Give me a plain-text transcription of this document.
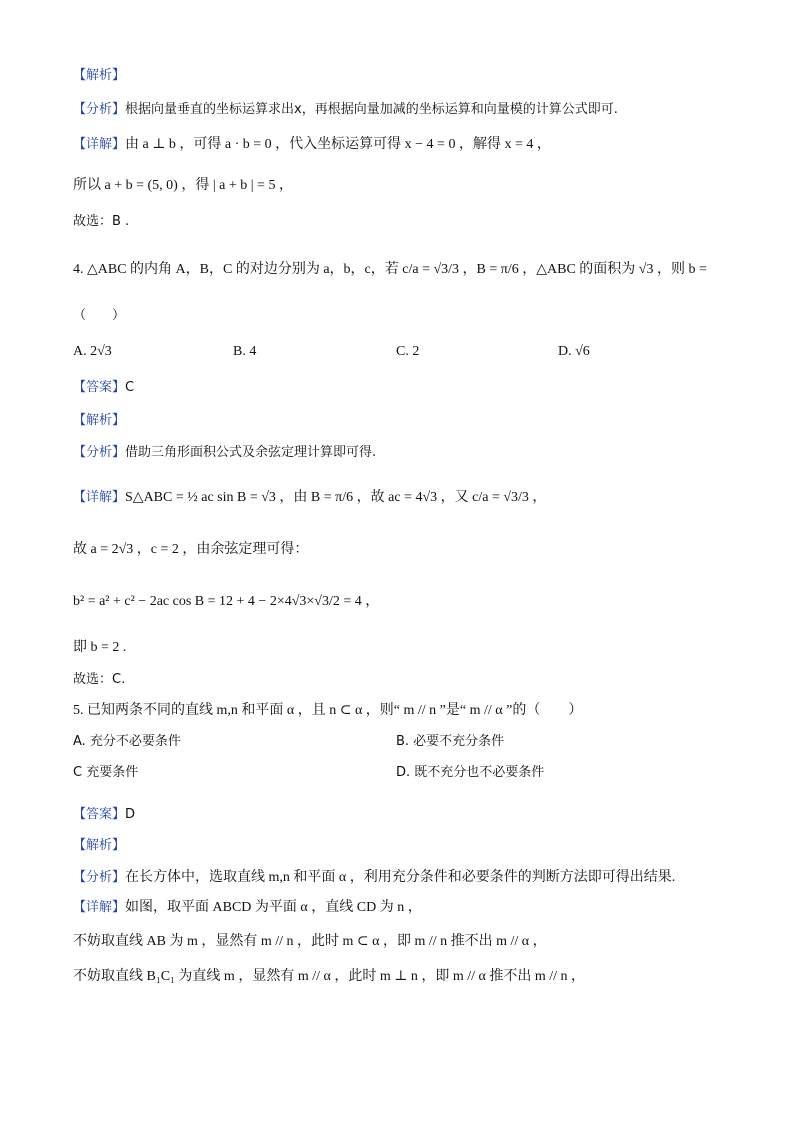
【解析】
【分析】根据向量垂直的坐标运算求出x，再根据向量加减的坐标运算和向量模的计算公式即可.
【详解】由 a ⊥ b ，可得 a · b = 0 ，代入坐标运算可得 x − 4 = 0 ，解得 x = 4 ，
所以 a + b = (5, 0) ，得 | a + b | = 5 ，
故选：B .
4. △ABC 的内角 A，B，C 的对边分别为 a，b，c，若 c/a = √3/3 ，B = π/6 ，△ABC 的面积为 √3 ，则 b =
（　　）
A. 2√3	B. 4	C. 2	D. √6
【答案】C
【解析】
【分析】借助三角形面积公式及余弦定理计算即可得.
【详解】S△ABC = ½ ac sin B = √3 ，由 B = π/6 ，故 ac = 4√3 ，又 c/a = √3/3 ，
故 a = 2√3 ，c = 2 ，由余弦定理可得：
b² = a² + c² − 2ac cos B = 12 + 4 − 2×4√3×√3/2 = 4 ，
即 b = 2 .
故选：C.
5. 已知两条不同的直线 m,n 和平面 α ，且 n ⊂ α ，则“ m // n ”是“ m // α ”的（　　）
A. 充分不必要条件	B. 必要不充分条件
C 充要条件	D. 既不充分也不必要条件
【答案】D
【解析】
【分析】在长方体中，选取直线 m,n 和平面 α ，利用充分条件和必要条件的判断方法即可得出结果.
【详解】如图，取平面 ABCD 为平面 α ，直线 CD 为 n ，
不妨取直线 AB 为 m ，显然有 m // n ，此时 m ⊂ α ，即 m // n 推不出 m // α ，
不妨取直线 B₁C₁ 为直线 m ，显然有 m // α ，此时 m ⊥ n ，即 m // α 推不出 m // n ，
